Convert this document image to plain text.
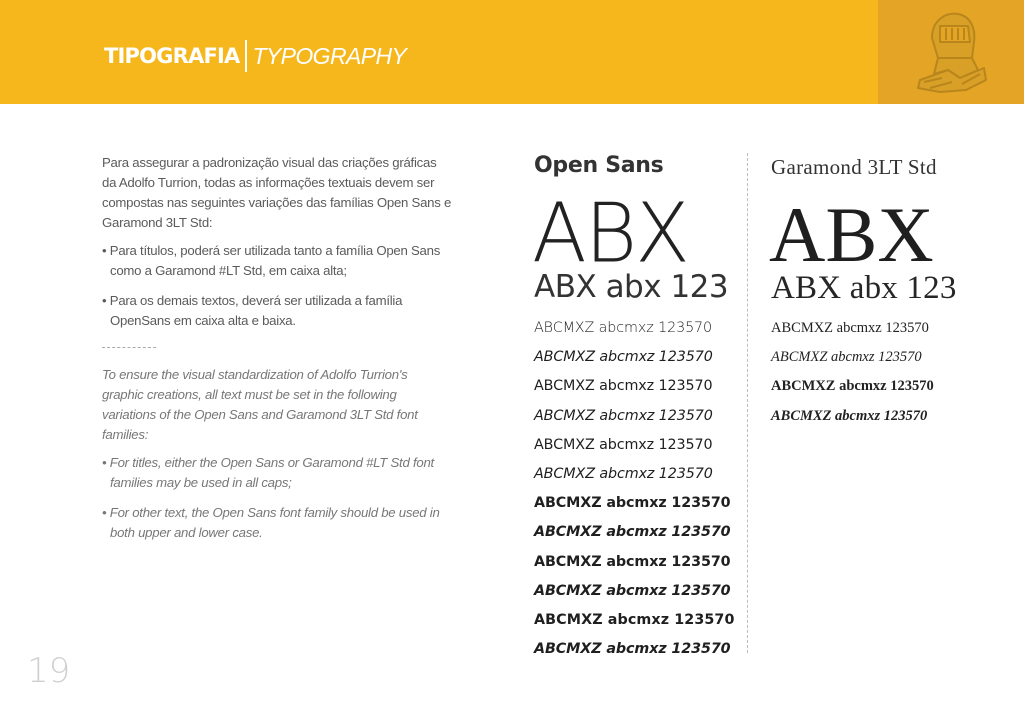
TIPOGRAFIA TYPOGRAPHY

Para assegurar a padronização visual das criações gráficas da Adolfo Turrion, todas as informações textuais devem ser compostas nas seguintes variações das famílias Open Sans e Garamond 3LT Std:

• Para títulos, poderá ser utilizada tanto a família Open Sans como a Garamond #LT Std, em caixa alta;

• Para os demais textos, deverá ser utilizada a família OpenSans em caixa alta e baixa.

To ensure the visual standardization of Adolfo Turrion's graphic creations, all text must be set in the following variations of the Open Sans and Garamond 3LT Std font families:

• For titles, either the Open Sans or Garamond #LT Std font families may be used in all caps;

• For other text, the Open Sans font family should be used in both upper and lower case.

Open Sans
ABX
ABX abx 123
ABCMXZ abcmxz 123570
ABCMXZ abcmxz 123570
ABCMXZ abcmxz 123570
ABCMXZ abcmxz 123570
ABCMXZ abcmxz 123570
ABCMXZ abcmxz 123570
ABCMXZ abcmxz 123570
ABCMXZ abcmxz 123570
ABCMXZ abcmxz 123570
ABCMXZ abcmxz 123570
ABCMXZ abcmxz 123570
ABCMXZ abcmxz 123570
Garamond 3LT Std
ABX
ABX abx 123
ABCMXZ abcmxz 123570
ABCMXZ abcmxz 123570
ABCMXZ abcmxz 123570
ABCMXZ abcmxz 123570
19
